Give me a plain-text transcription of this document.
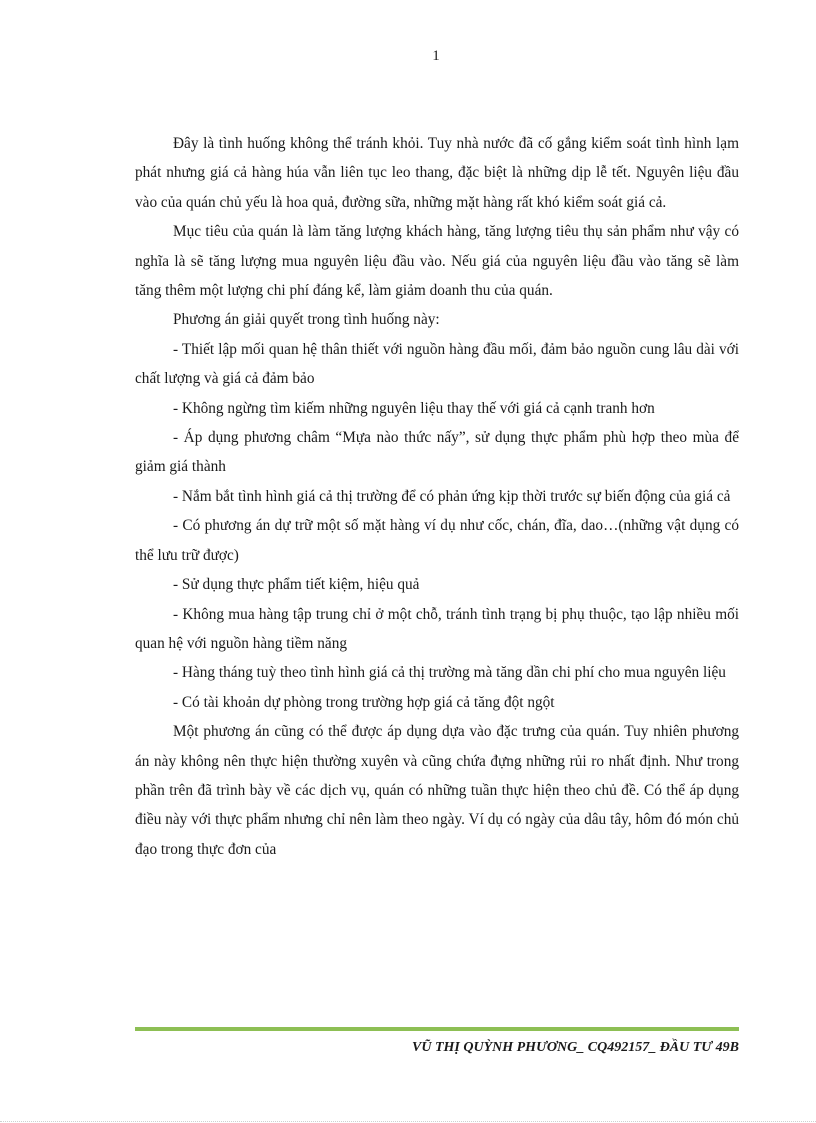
1

Đây là tình huống không thể tránh khỏi. Tuy nhà nước đã cố gắng kiểm soát tình hình lạm phát nhưng giá cả hàng húa vẫn liên tục leo thang, đặc biệt là những dịp lễ tết. Nguyên liệu đầu vào của quán chủ yếu là hoa quả, đường sữa, những mặt hàng rất khó kiểm soát giá cả.

Mục tiêu của quán là làm tăng lượng khách hàng, tăng lượng tiêu thụ sản phẩm như vậy có nghĩa là sẽ tăng lượng mua nguyên liệu đầu vào. Nếu giá của nguyên liệu đầu vào tăng sẽ làm tăng thêm một lượng chi phí đáng kể, làm giảm doanh thu của quán.

Phương án giải quyết trong tình huống này:

- Thiết lập mối quan hệ thân thiết với nguồn hàng đầu mối, đảm bảo nguồn cung lâu dài với chất lượng và giá cả đảm bảo

- Không ngừng tìm kiếm những nguyên liệu thay thế với giá cả cạnh tranh hơn

- Áp dụng phương châm “Mựa nào thức nấy”, sử dụng thực phẩm phù hợp theo mùa để giảm giá thành

- Nắm bắt tình hình giá cả thị trường để có phản ứng kịp thời trước sự biến động của giá cả

- Có phương án dự trữ một số mặt hàng ví dụ như cốc, chán, đĩa, dao…(những vật dụng có thể lưu trữ được)

- Sử dụng thực phẩm tiết kiệm, hiệu quả

- Không mua hàng tập trung chỉ ở một chỗ, tránh tình trạng bị phụ thuộc, tạo lập nhiều mối quan hệ với nguồn hàng tiềm năng

- Hàng tháng tuỳ theo tình hình giá cả thị trường mà tăng dần chi phí cho mua nguyên liệu

- Có tài khoản dự phòng trong trường hợp giá cả tăng đột ngột

Một phương án cũng có thể được áp dụng dựa vào đặc trưng của quán. Tuy nhiên phương án này không nên thực hiện thường xuyên và cũng chứa đựng những rủi ro nhất định. Như trong phần trên đã trình bày về các dịch vụ, quán có những tuần thực hiện theo chủ đề. Có thể áp dụng điều này với thực phẩm nhưng chỉ nên làm theo ngày. Ví dụ có ngày của dâu tây, hôm đó món chủ đạo trong thực đơn của

VŨ THỊ QUỲNH PHƯƠNG_ CQ492157_ ĐẦU TƯ 49B
